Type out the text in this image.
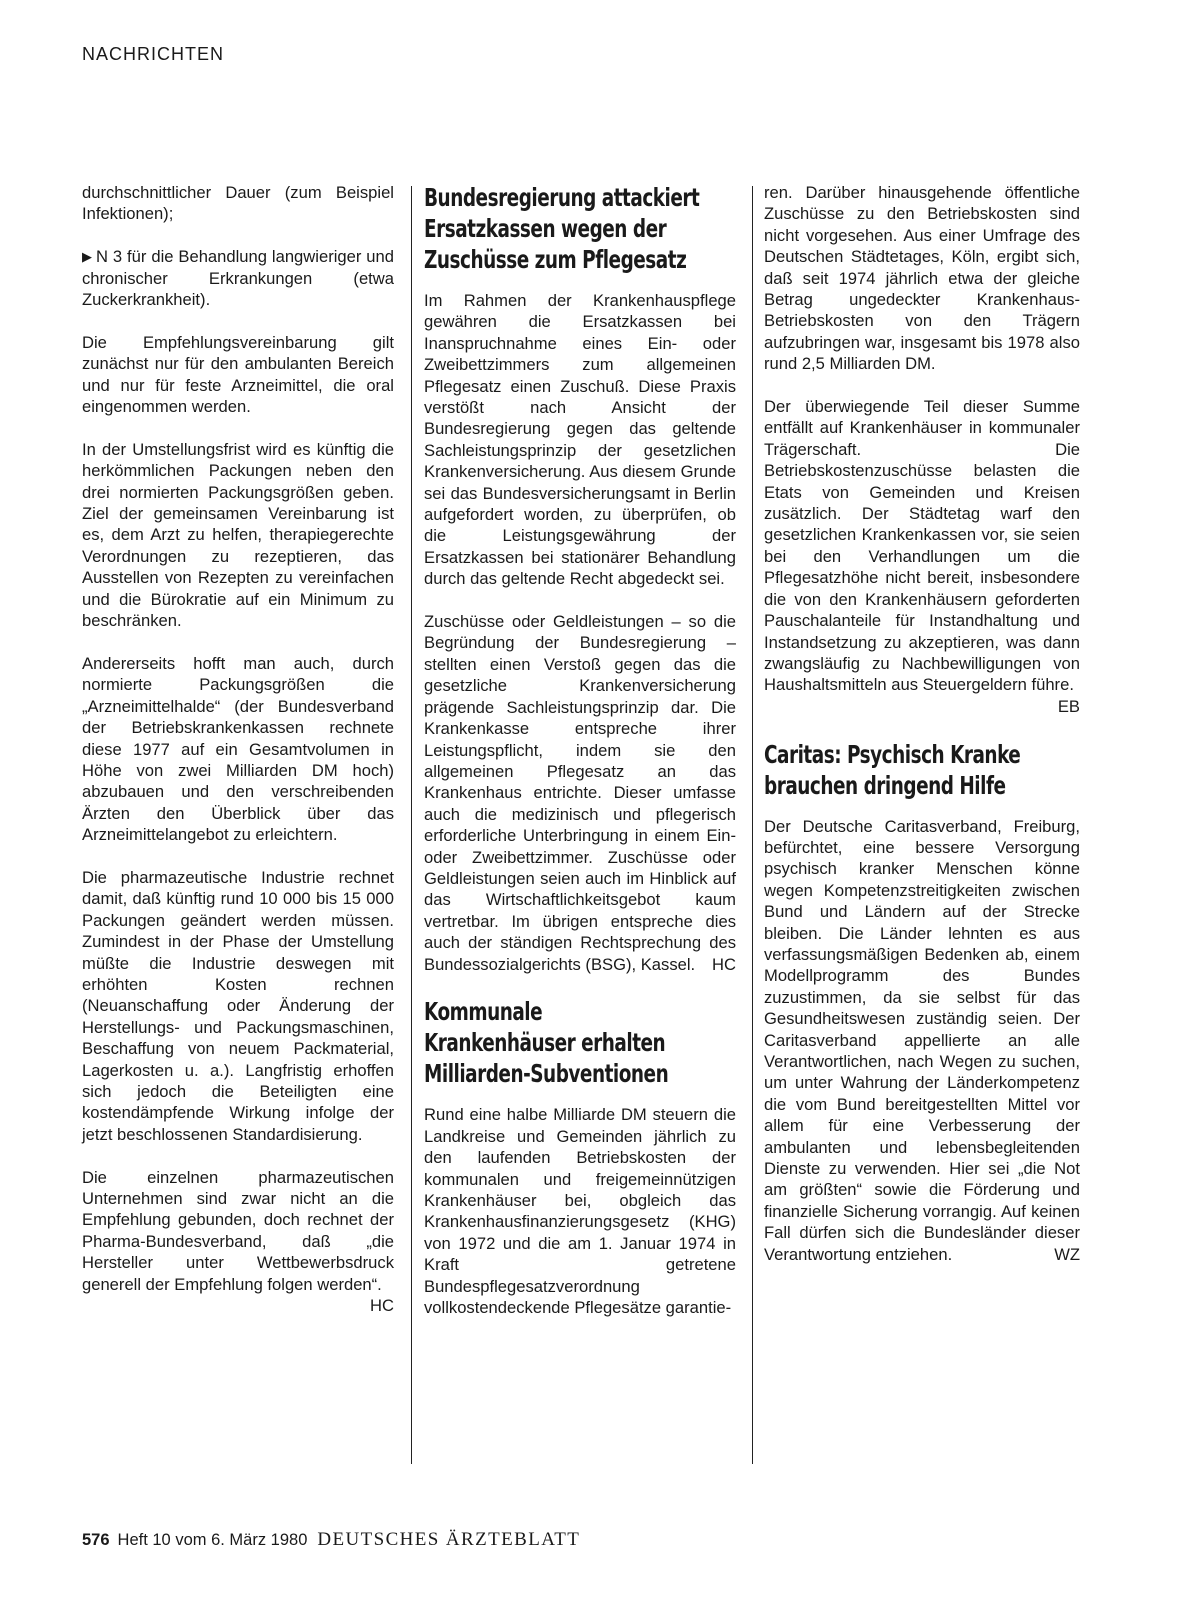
NACHRICHTEN

durchschnittlicher Dauer (zum Beispiel Infektionen);

▶ N 3 für die Behandlung langwieriger und chronischer Erkrankungen (etwa Zuckerkrankheit).

Die Empfehlungsvereinbarung gilt zunächst nur für den ambulanten Bereich und nur für feste Arzneimittel, die oral eingenommen werden.

In der Umstellungsfrist wird es künftig die herkömmlichen Packungen neben den drei normierten Packungsgrößen geben. Ziel der gemeinsamen Vereinbarung ist es, dem Arzt zu helfen, therapiegerechte Verordnungen zu rezeptieren, das Ausstellen von Rezepten zu vereinfachen und die Bürokratie auf ein Minimum zu beschränken.

Andererseits hofft man auch, durch normierte Packungsgrößen die „Arzneimittelhalde“ (der Bundesverband der Betriebskrankenkassen rechnete diese 1977 auf ein Gesamtvolumen in Höhe von zwei Milliarden DM hoch) abzubauen und den verschreibenden Ärzten den Überblick über das Arzneimittelangebot zu erleichtern.

Die pharmazeutische Industrie rechnet damit, daß künftig rund 10 000 bis 15 000 Packungen geändert werden müssen. Zumindest in der Phase der Umstellung müßte die Industrie deswegen mit erhöhten Kosten rechnen (Neuanschaffung oder Änderung der Herstellungs- und Packungsmaschinen, Beschaffung von neuem Packmaterial, Lagerkosten u. a.). Langfristig erhoffen sich jedoch die Beteiligten eine kostendämpfende Wirkung infolge der jetzt beschlossenen Standardisierung.

Die einzelnen pharmazeutischen Unternehmen sind zwar nicht an die Empfehlung gebunden, doch rechnet der Pharma-Bundesverband, daß „die Hersteller unter Wettbewerbsdruck generell der Empfehlung folgen werden“.
HC

Bundesregierung attackiert
Ersatzkassen wegen der
Zuschüsse zum Pflegesatz

Im Rahmen der Krankenhauspflege gewähren die Ersatzkassen bei Inanspruchnahme eines Ein- oder Zweibettzimmers zum allgemeinen Pflegesatz einen Zuschuß. Diese Praxis verstößt nach Ansicht der Bundesregierung gegen das geltende Sachleistungsprinzip der gesetzlichen Krankenversicherung. Aus diesem Grunde sei das Bundesversicherungsamt in Berlin aufgefordert worden, zu überprüfen, ob die Leistungsgewährung der Ersatzkassen bei stationärer Behandlung durch das geltende Recht abgedeckt sei.

Zuschüsse oder Geldleistungen – so die Begründung der Bundesregierung – stellten einen Verstoß gegen das die gesetzliche Krankenversicherung prägende Sachleistungsprinzip dar. Die Krankenkasse entspreche ihrer Leistungspflicht, indem sie den allgemeinen Pflegesatz an das Krankenhaus entrichte. Dieser umfasse auch die medizinisch und pflegerisch erforderliche Unterbringung in einem Ein- oder Zweibettzimmer. Zuschüsse oder Geldleistungen seien auch im Hinblick auf das Wirtschaftlichkeitsgebot kaum vertretbar. Im übrigen entspreche dies auch der ständigen Rechtsprechung des Bundessozialgerichts (BSG), Kassel. HC

Kommunale
Krankenhäuser erhalten
Milliarden-Subventionen

Rund eine halbe Milliarde DM steuern die Landkreise und Gemeinden jährlich zu den laufenden Betriebskosten der kommunalen und freigemeinnützigen Krankenhäuser bei, obgleich das Krankenhausfinanzierungsgesetz (KHG) von 1972 und die am 1. Januar 1974 in Kraft getretene Bundespflegesatzverordnung vollkostendeckende Pflegesätze garantie-

ren. Darüber hinausgehende öffentliche Zuschüsse zu den Betriebskosten sind nicht vorgesehen. Aus einer Umfrage des Deutschen Städtetages, Köln, ergibt sich, daß seit 1974 jährlich etwa der gleiche Betrag ungedeckter Krankenhaus-Betriebskosten von den Trägern aufzubringen war, insgesamt bis 1978 also rund 2,5 Milliarden DM.

Der überwiegende Teil dieser Summe entfällt auf Krankenhäuser in kommunaler Trägerschaft. Die Betriebskostenzuschüsse belasten die Etats von Gemeinden und Kreisen zusätzlich. Der Städtetag warf den gesetzlichen Krankenkassen vor, sie seien bei den Verhandlungen um die Pflegesatzhöhe nicht bereit, insbesondere die von den Krankenhäusern geforderten Pauschalanteile für Instandhaltung und Instandsetzung zu akzeptieren, was dann zwangsläufig zu Nachbewilligungen von Haushaltsmitteln aus Steuergeldern führe.
EB

Caritas: Psychisch Kranke
brauchen dringend Hilfe

Der Deutsche Caritasverband, Freiburg, befürchtet, eine bessere Versorgung psychisch kranker Menschen könne wegen Kompetenzstreitigkeiten zwischen Bund und Ländern auf der Strecke bleiben. Die Länder lehnten es aus verfassungsmäßigen Bedenken ab, einem Modellprogramm des Bundes zuzustimmen, da sie selbst für das Gesundheitswesen zuständig seien. Der Caritasverband appellierte an alle Verantwortlichen, nach Wegen zu suchen, um unter Wahrung der Länderkompetenz die vom Bund bereitgestellten Mittel vor allem für eine Verbesserung der ambulanten und lebensbegleitenden Dienste zu verwenden. Hier sei „die Not am größten“ sowie die Förderung und finanzielle Sicherung vorrangig. Auf keinen Fall dürfen sich die Bundesländer dieser Verantwortung entziehen.	WZ

576 Heft 10 vom 6. März 1980 DEUTSCHES ÄRZTEBLATT
